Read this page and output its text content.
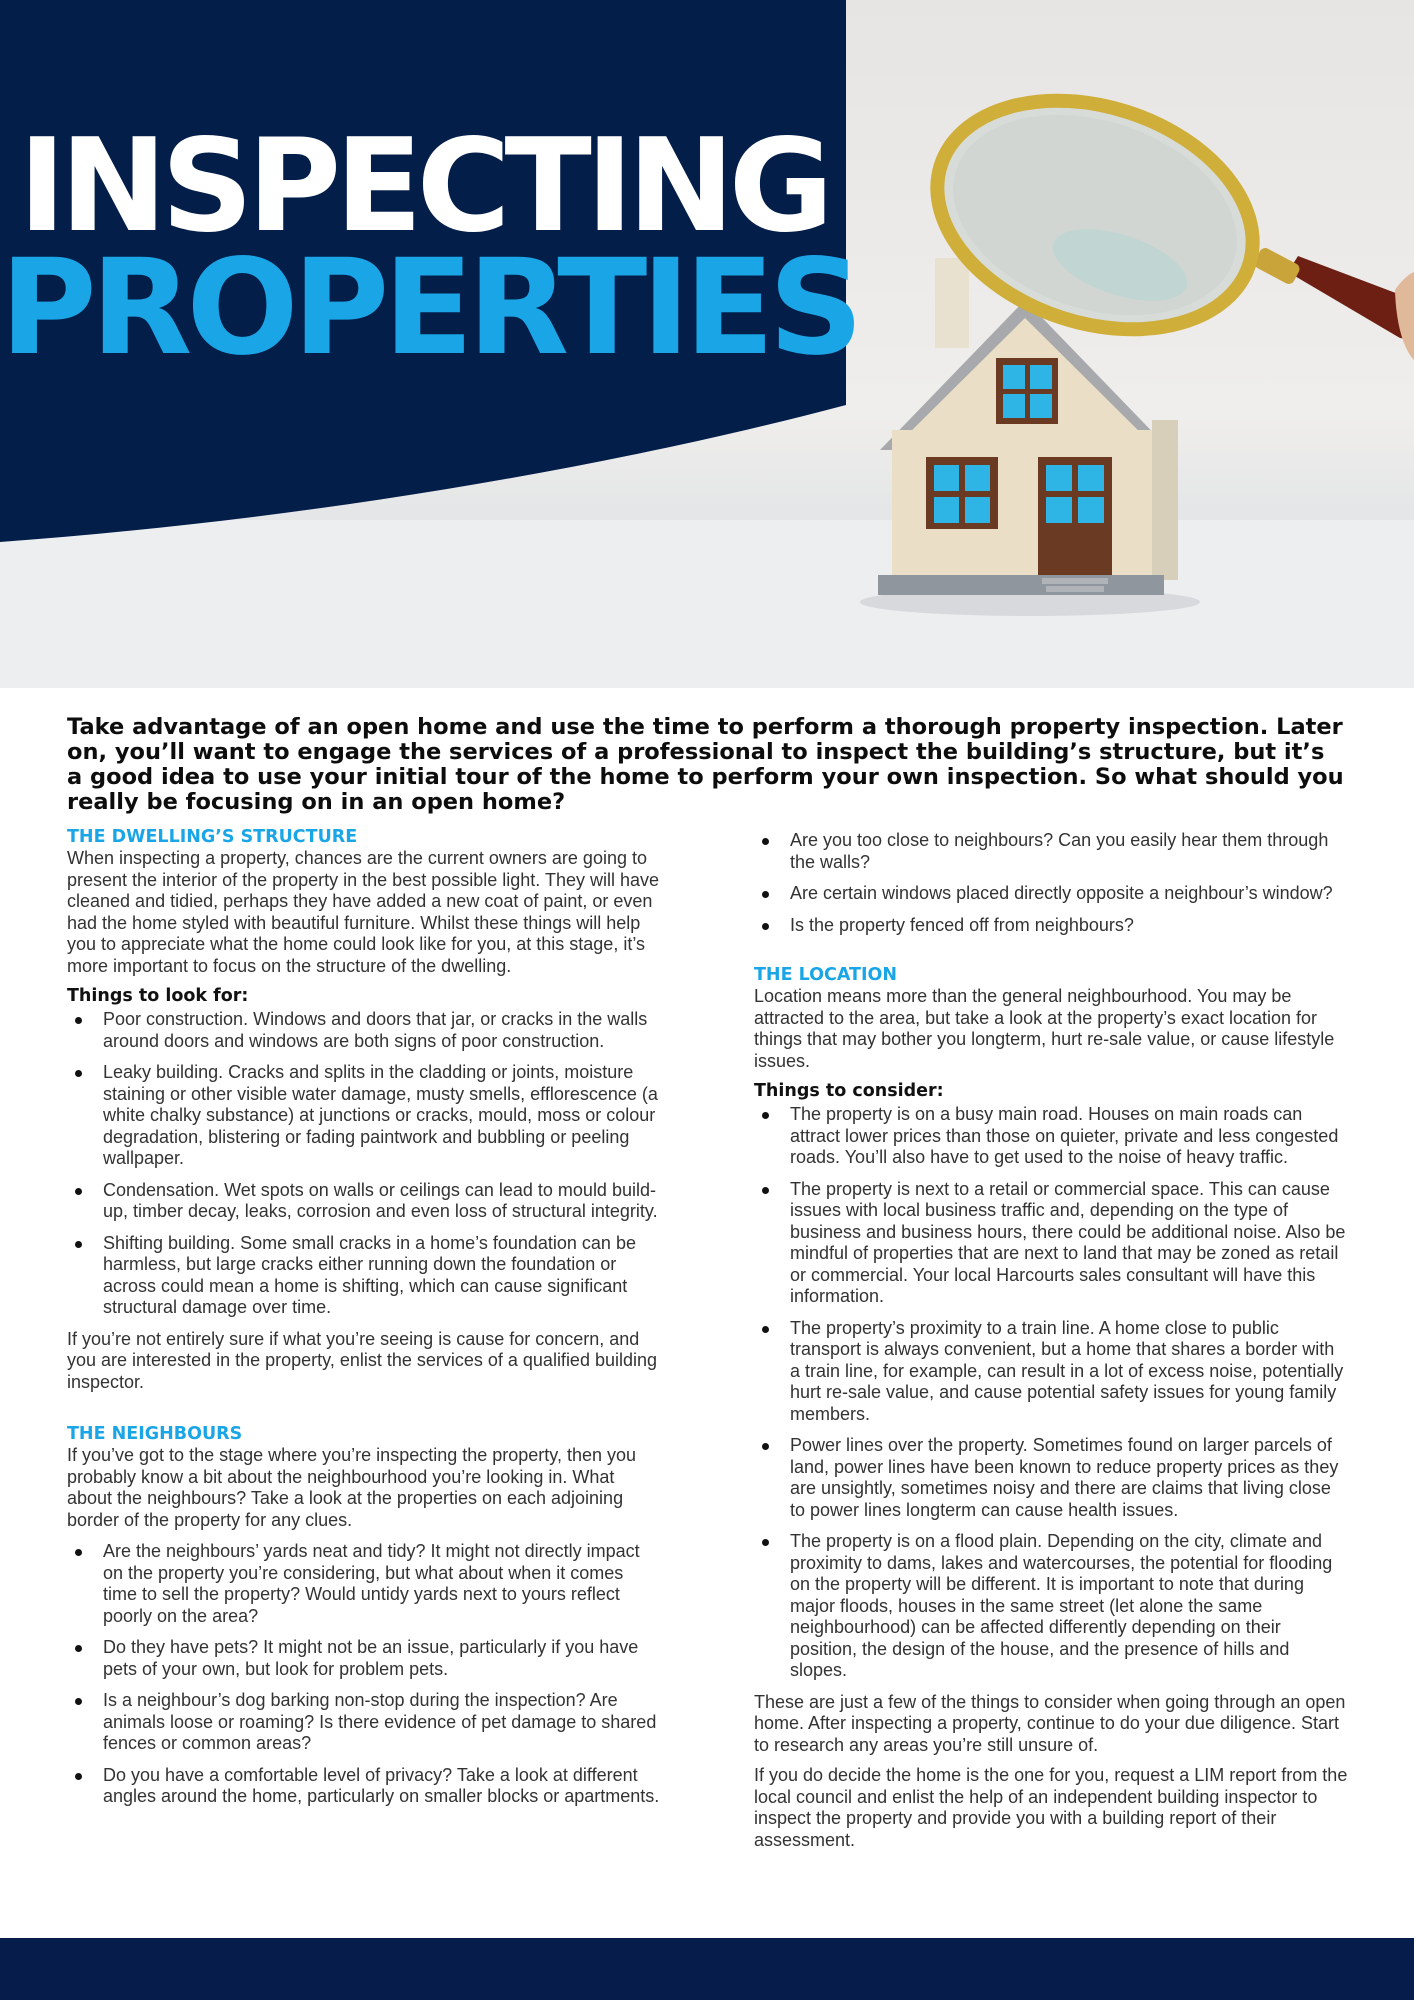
INSPECTING
PROPERTIES

Take advantage of an open home and use the time to perform a thorough property inspection. Later on, you’ll want to engage the services of a professional to inspect the building’s structure, but it’s a good idea to use your initial tour of the home to perform your own inspection. So what should you really be focusing on in an open home?

THE DWELLING’S STRUCTURE

When inspecting a property, chances are the current owners are going to present the interior of the property in the best possible light. They will have cleaned and tidied, perhaps they have added a new coat of paint, or even had the home styled with beautiful furniture. Whilst these things will help you to appreciate what the home could look like for you, at this stage, it’s more important to focus on the structure of the dwelling.

Things to look for:
Poor construction. Windows and doors that jar, or cracks in the walls around doors and windows are both signs of poor construction.
Leaky building. Cracks and splits in the cladding or joints, moisture staining or other visible water damage, musty smells, efflorescence (a white chalky substance) at junctions or cracks, mould, moss or colour degradation, blistering or fading paintwork and bubbling or peeling wallpaper.
Condensation. Wet spots on walls or ceilings can lead to mould build-up, timber decay, leaks, corrosion and even loss of structural integrity.
Shifting building. Some small cracks in a home’s foundation can be harmless, but large cracks either running down the foundation or across could mean a home is shifting, which can cause significant structural damage over time.

If you’re not entirely sure if what you’re seeing is cause for concern, and you are interested in the property, enlist the services of a qualified building inspector.

THE NEIGHBOURS

If you’ve got to the stage where you’re inspecting the property, then you probably know a bit about the neighbourhood you’re looking in. What about the neighbours? Take a look at the properties on each adjoining border of the property for any clues.

Are the neighbours’ yards neat and tidy? It might not directly impact on the property you’re considering, but what about when it comes time to sell the property? Would untidy yards next to yours reflect poorly on the area?
Do they have pets? It might not be an issue, particularly if you have pets of your own, but look for problem pets.
Is a neighbour’s dog barking non-stop during the inspection? Are animals loose or roaming? Is there evidence of pet damage to shared fences or common areas?
Do you have a comfortable level of privacy? Take a look at different angles around the home, particularly on smaller blocks or apartments.
Are you too close to neighbours? Can you easily hear them through the walls?
Are certain windows placed directly opposite a neighbour’s window?
Is the property fenced off from neighbours?
THE LOCATION

Location means more than the general neighbourhood. You may be attracted to the area, but take a look at the property’s exact location for things that may bother you longterm, hurt re-sale value, or cause lifestyle issues.

Things to consider:
The property is on a busy main road. Houses on main roads can attract lower prices than those on quieter, private and less congested roads. You’ll also have to get used to the noise of heavy traffic.
The property is next to a retail or commercial space. This can cause issues with local business traffic and, depending on the type of business and business hours, there could be additional noise. Also be mindful of properties that are next to land that may be zoned as retail or commercial. Your local Harcourts sales consultant will have this information.
The property’s proximity to a train line. A home close to public transport is always convenient, but a home that shares a border with a train line, for example, can result in a lot of excess noise, potentially hurt re-sale value, and cause potential safety issues for young family members.
Power lines over the property. Sometimes found on larger parcels of land, power lines have been known to reduce property prices as they are unsightly, sometimes noisy and there are claims that living close to power lines longterm can cause health issues.
The property is on a flood plain. Depending on the city, climate and proximity to dams, lakes and watercourses, the potential for flooding on the property will be different. It is important to note that during major floods, houses in the same street (let alone the same neighbourhood) can be affected differently depending on their position, the design of the house, and the presence of hills and slopes.

These are just a few of the things to consider when going through an open home. After inspecting a property, continue to do your due diligence. Start to research any areas you’re still unsure of.

If you do decide the home is the one for you, request a LIM report from the local council and enlist the help of an independent building inspector to inspect the property and provide you with a building report of their assessment.
